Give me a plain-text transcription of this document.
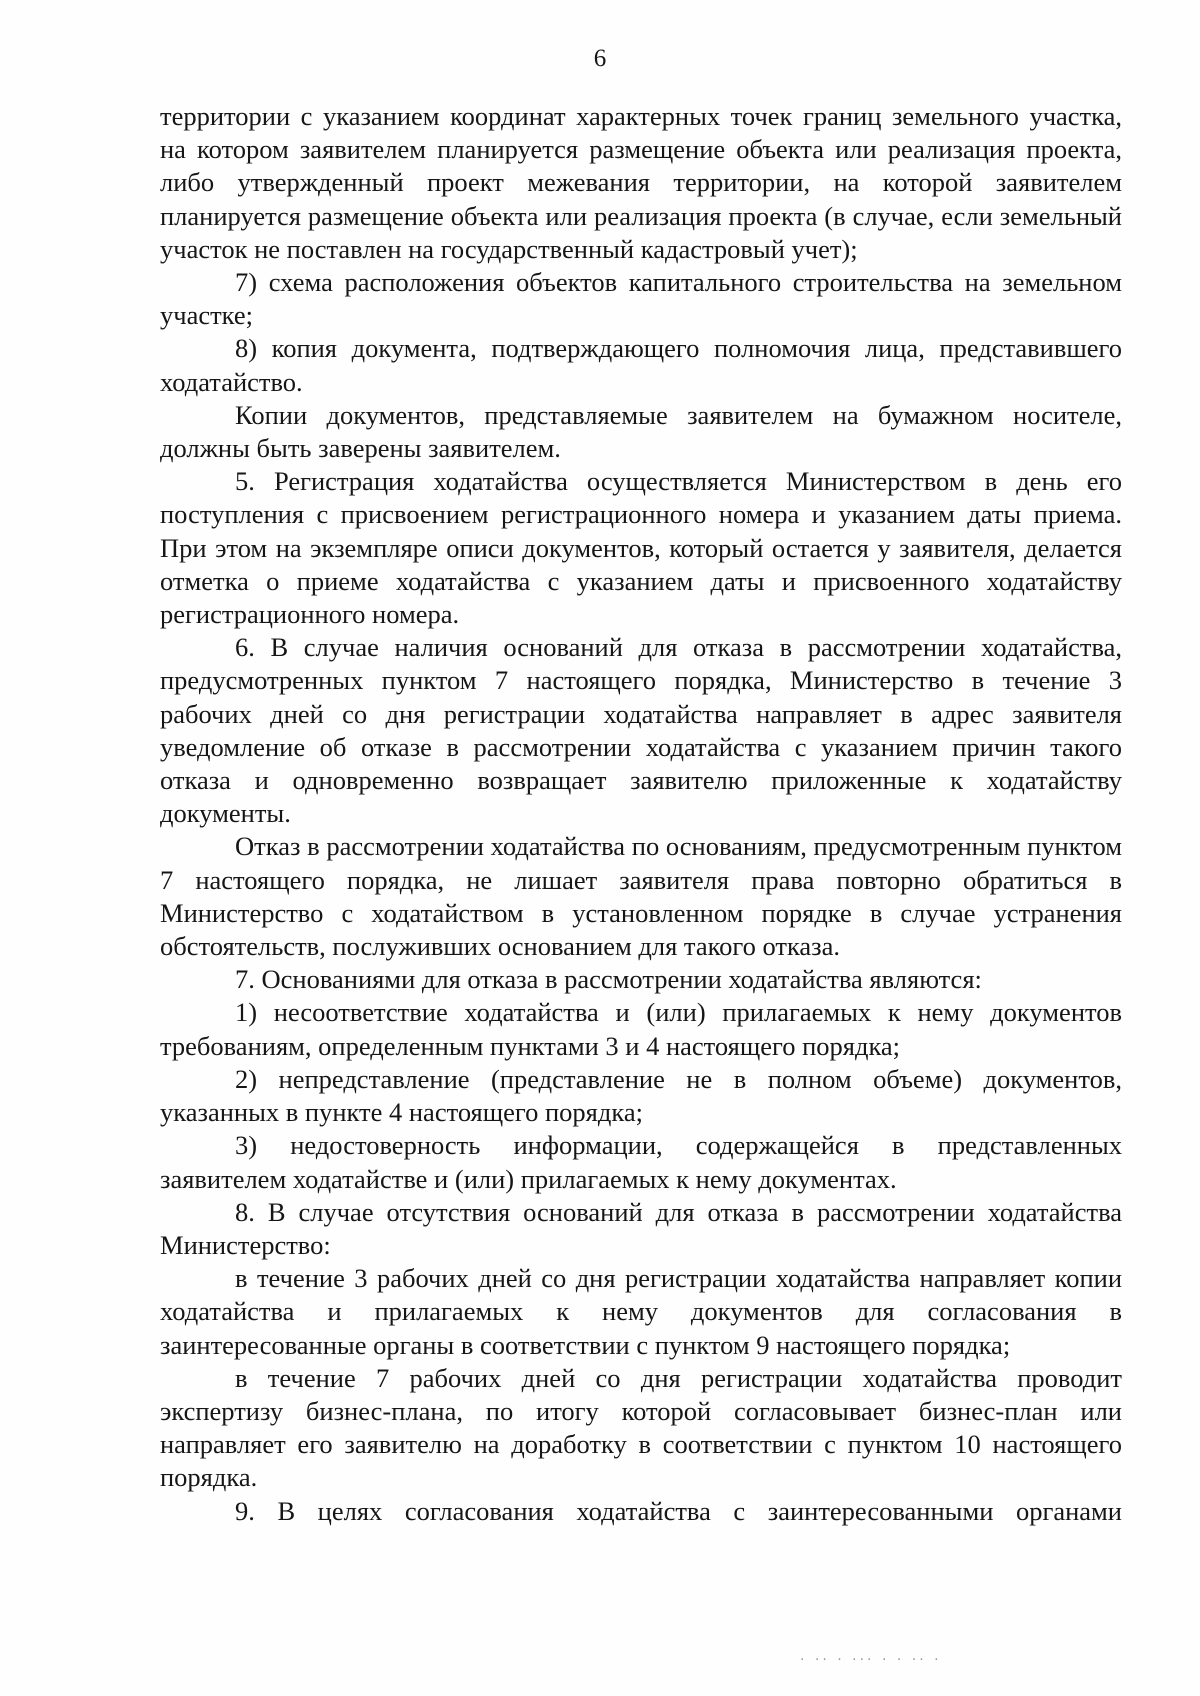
6

территории с указанием координат характерных точек границ земельного участка, на котором заявителем планируется размещение объекта или реализация проекта, либо утвержденный проект межевания территории, на которой заявителем планируется размещение объекта или реализация проекта (в случае, если земельный участок не поставлен на государственный кадастровый учет);

7) схема расположения объектов капитального строительства на земельном участке;

8) копия документа, подтверждающего полномочия лица, представившего ходатайство.

Копии документов, представляемые заявителем на бумажном носителе, должны быть заверены заявителем.

5. Регистрация ходатайства осуществляется Министерством в день его поступления с присвоением регистрационного номера и указанием даты приема. При этом на экземпляре описи документов, который остается у заявителя, делается отметка о приеме ходатайства с указанием даты и присвоенного ходатайству регистрационного номера.

6. В случае наличия оснований для отказа в рассмотрении ходатайства, предусмотренных пунктом 7 настоящего порядка, Министерство в течение 3 рабочих дней со дня регистрации ходатайства направляет в адрес заявителя уведомление об отказе в рассмотрении ходатайства с указанием причин такого отказа и одновременно возвращает заявителю приложенные к ходатайству документы.

Отказ в рассмотрении ходатайства по основаниям, предусмотренным пунктом 7 настоящего порядка, не лишает заявителя права повторно обратиться в Министерство с ходатайством в установленном порядке в случае устранения обстоятельств, послуживших основанием для такого отказа.

7. Основаниями для отказа в рассмотрении ходатайства являются:

1) несоответствие ходатайства и (или) прилагаемых к нему документов требованиям, определенным пунктами 3 и 4 настоящего порядка;

2) непредставление (представление не в полном объеме) документов, указанных в пункте 4 настоящего порядка;

3) недостоверность информации, содержащейся в представленных заявителем ходатайстве и (или) прилагаемых к нему документах.

8. В случае отсутствия оснований для отказа в рассмотрении ходатайства Министерство:

в течение 3 рабочих дней со дня регистрации ходатайства направляет копии ходатайства и прилагаемых к нему документов для согласования в заинтересованные органы в соответствии с пунктом 9 настоящего порядка;

в течение 7 рабочих дней со дня регистрации ходатайства проводит экспертизу бизнес-плана, по итогу которой согласовывает бизнес-план или направляет его заявителю на доработку в соответствии с пунктом 10 настоящего порядка.

9. В целях согласования ходатайства с заинтересованными органами

· ·· · ··· · · ·· ·
